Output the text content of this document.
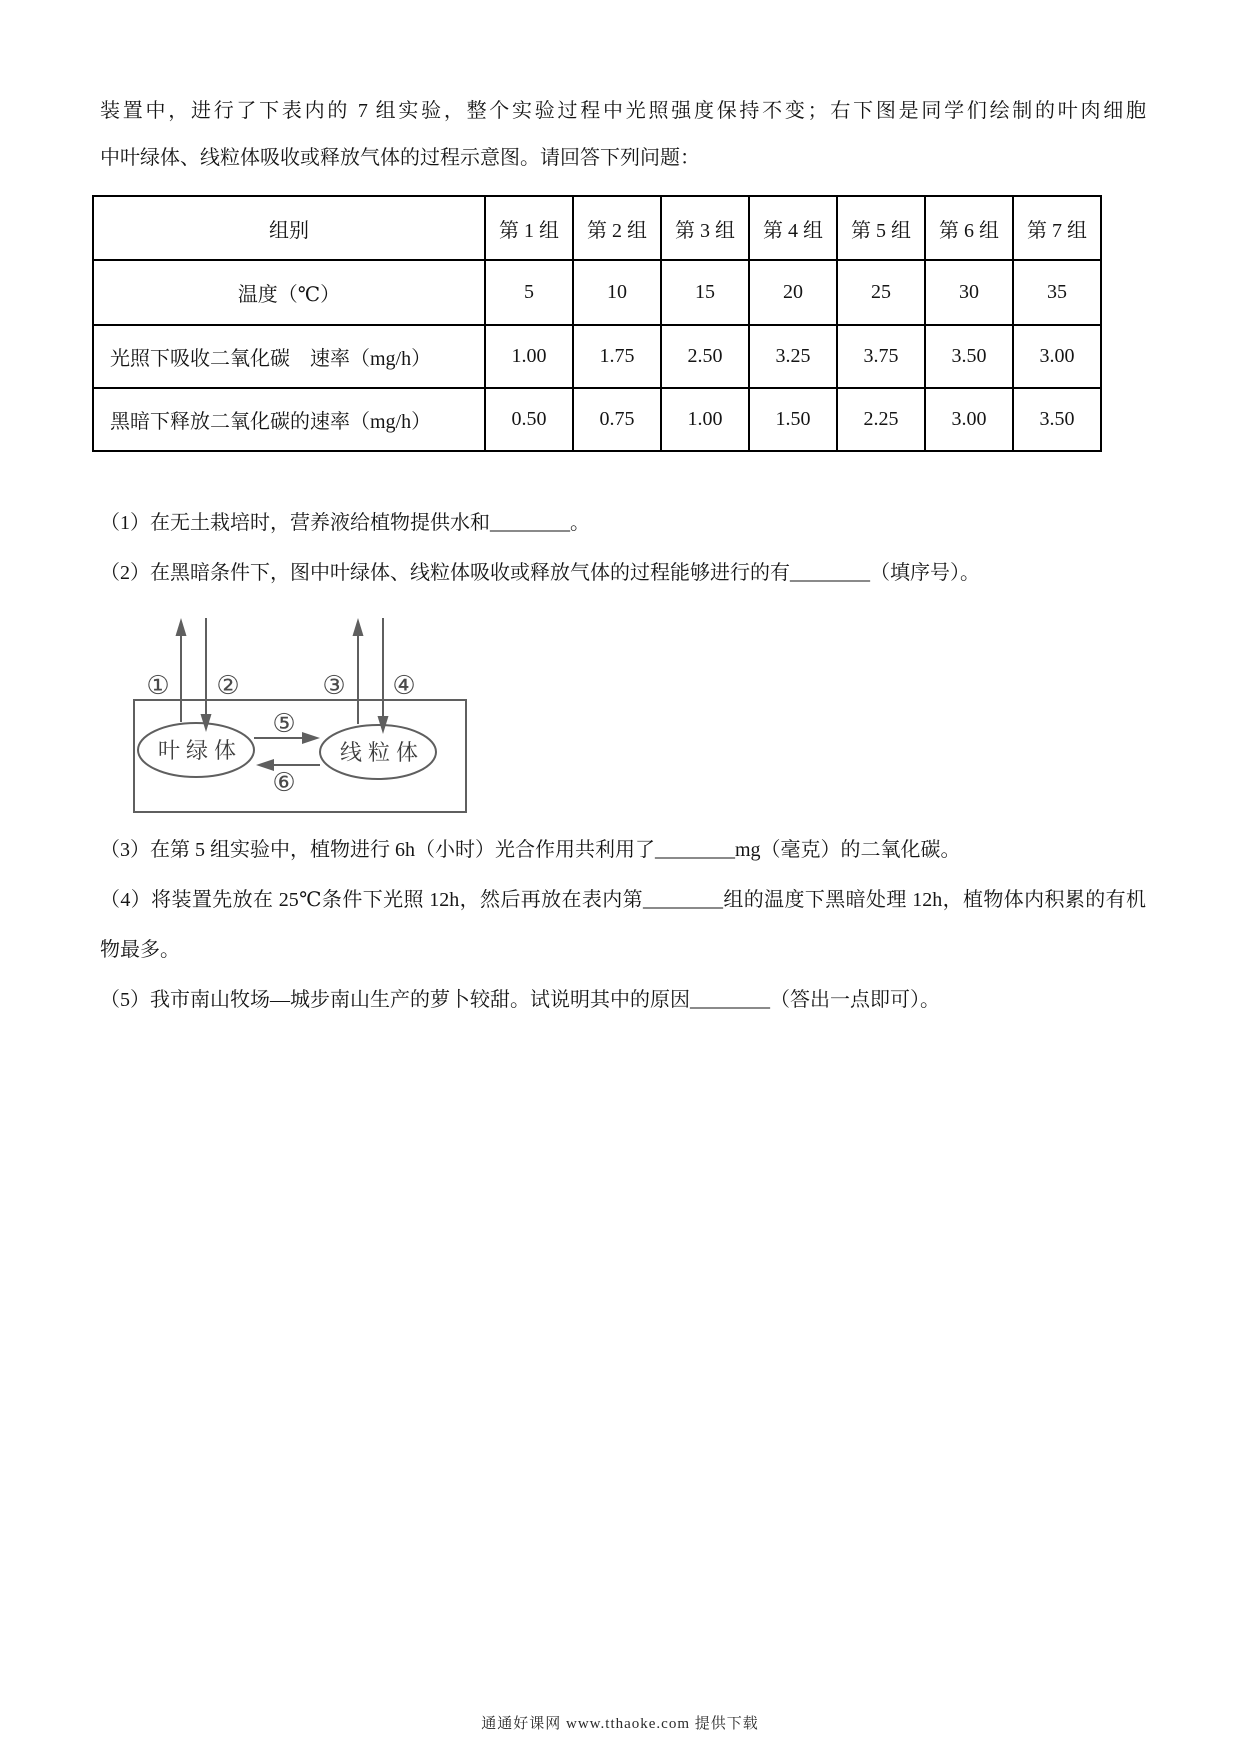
装置中，进行了下表内的 7 组实验，整个实验过程中光照强度保持不变；右下图是同学们绘制的叶肉细胞
中叶绿体、线粒体吸收或释放气体的过程示意图。请回答下列问题：
组别	第 1 组	第 2 组	第 3 组	第 4 组	第 5 组	第 6 组	第 7 组
温度（℃）	5	10	15	20	25	30	35
光照下吸收二氧化碳　速率（mg/h）	1.00	1.75	2.50	3.25	3.75	3.50	3.00
黑暗下释放二氧化碳的速率（mg/h）	0.50	0.75	1.00	1.50	2.25	3.00	3.50
（1）在无土栽培时，营养液给植物提供水和________。
（2）在黑暗条件下，图中叶绿体、线粒体吸收或释放气体的过程能够进行的有________（填序号）。
叶绿体	线粒体
① ②	③ ④
⑤
⑥
（3）在第 5 组实验中，植物进行 6h（小时）光合作用共利用了________mg（毫克）的二氧化碳。
（4）将装置先放在 25℃条件下光照 12h，然后再放在表内第________组的温度下黑暗处理 12h，植物体内积累的有机物最多。
（5）我市南山牧场—城步南山生产的萝卜较甜。试说明其中的原因________（答出一点即可）。
通通好课网 www.tthaoke.com 提供下载
